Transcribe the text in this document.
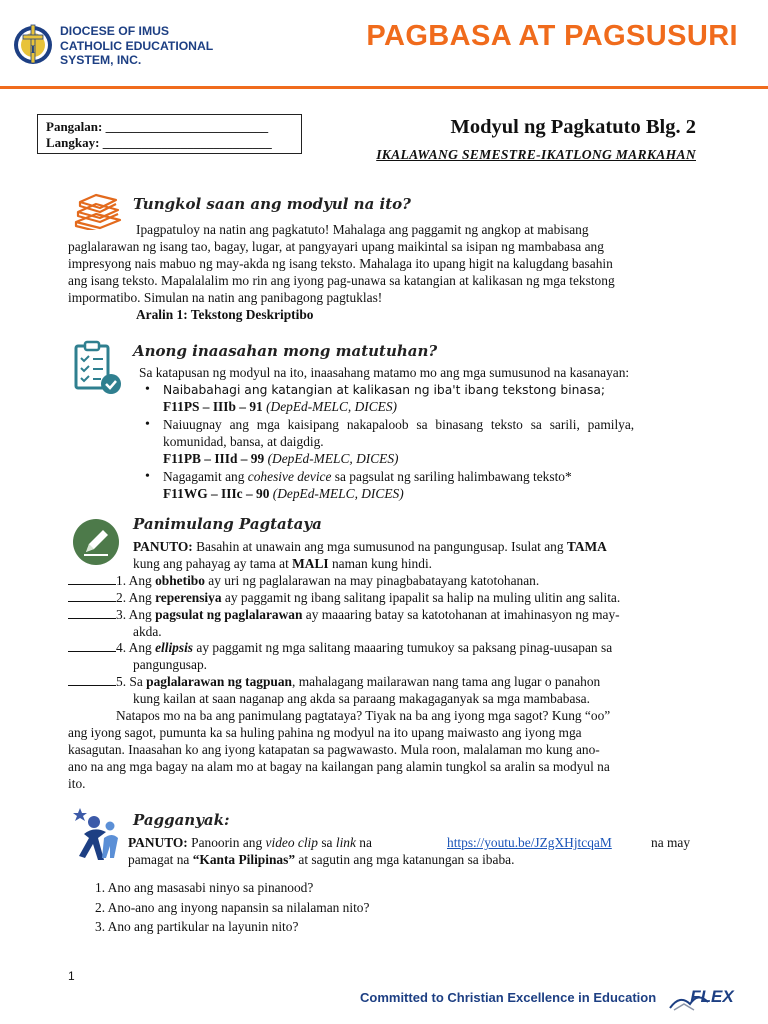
I
DIOCESE OF IMUS
CATHOLIC EDUCATIONAL
SYSTEM, INC.
PAGBASA AT PAGSUSURI
Pangalan: _________________________
Langkay: __________________________
Modyul ng Pagkatuto Blg. 2
IKALAWANG SEMESTRE-IKATLONG MARKAHAN
Tungkol saan ang modyul na ito?
Ipagpatuloy na natin ang pagkatuto! Mahalaga ang paggamit ng angkop at mabisang
paglalarawan ng isang tao, bagay, lugar, at pangyayari upang maikintal sa isipan ng mambabasa ang
impresyong nais mabuo ng may-akda ng isang teksto. Mahalaga ito upang higit na kalugdang basahin
ang isang teksto. Mapalalalim mo rin ang iyong pag-unawa sa katangian at kalikasan ng mga tekstong
impormatibo. Simulan na natin ang panibagong pagtuklas!
Aralin 1: Tekstong Deskriptibo
Anong inaasahan mong matutuhan?
Sa katapusan ng modyul na ito, inaasahang matamo mo ang mga sumusunod na kasanayan:
• Naibabahagi ang katangian at kalikasan ng iba't ibang tekstong binasa;
F11PS – IIIb – 91 (DepEd-MELC, DICES)
• Naiuugnay ang mga kaisipang nakapaloob sa binasang teksto sa sarili, pamilya,
komunidad, bansa, at daigdig.
F11PB – IIId – 99 (DepEd-MELC, DICES)
• Nagagamit ang cohesive device sa pagsulat ng sariling halimbawang teksto*
F11WG – IIIc – 90 (DepEd-MELC, DICES)
Panimulang Pagtataya
PANUTO: Basahin at unawain ang mga sumusunod na pangungusap. Isulat ang TAMA
kung ang pahayag ay tama at MALI naman kung hindi.
1. Ang obhetibo ay uri ng paglalarawan na may pinagbabatayang katotohanan.
2. Ang reperensiya ay paggamit ng ibang salitang ipapalit sa halip na muling ulitin ang salita.
3. Ang pagsulat ng paglalarawan ay maaaring batay sa katotohanan at imahinasyon ng may-
akda.
4. Ang ellipsis ay paggamit ng mga salitang maaaring tumukoy sa paksang pinag-uusapan sa
pangungusap.
5. Sa paglalarawan ng tagpuan, mahalagang mailarawan nang tama ang lugar o panahon
kung kailan at saan naganap ang akda sa paraang makagaganyak sa mga mambabasa.
Natapos mo na ba ang panimulang pagtataya? Tiyak na ba ang iyong mga sagot? Kung “oo”
ang iyong sagot, pumunta ka sa huling pahina ng modyul na ito upang maiwasto ang iyong mga
kasagutan. Inaasahan ko ang iyong katapatan sa pagwawasto. Mula roon, malalaman mo kung ano-
ano na ang mga bagay na alam mo at bagay na kailangan pang alamin tungkol sa aralin sa modyul na
ito.
Pagganyak:
PANUTO: Panoorin ang video clip sa link na	https://youtu.be/JZgXHjtcqaM	na may
pamagat na “Kanta Pilipinas” at sagutin ang mga katanungan sa ibaba.
1. Ano ang masasabi ninyo sa pinanood?
2. Ano-ano ang inyong napansin sa nilalaman nito?
3. Ano ang partikular na layunin nito?
1
Committed to Christian Excellence in Education FLEX
